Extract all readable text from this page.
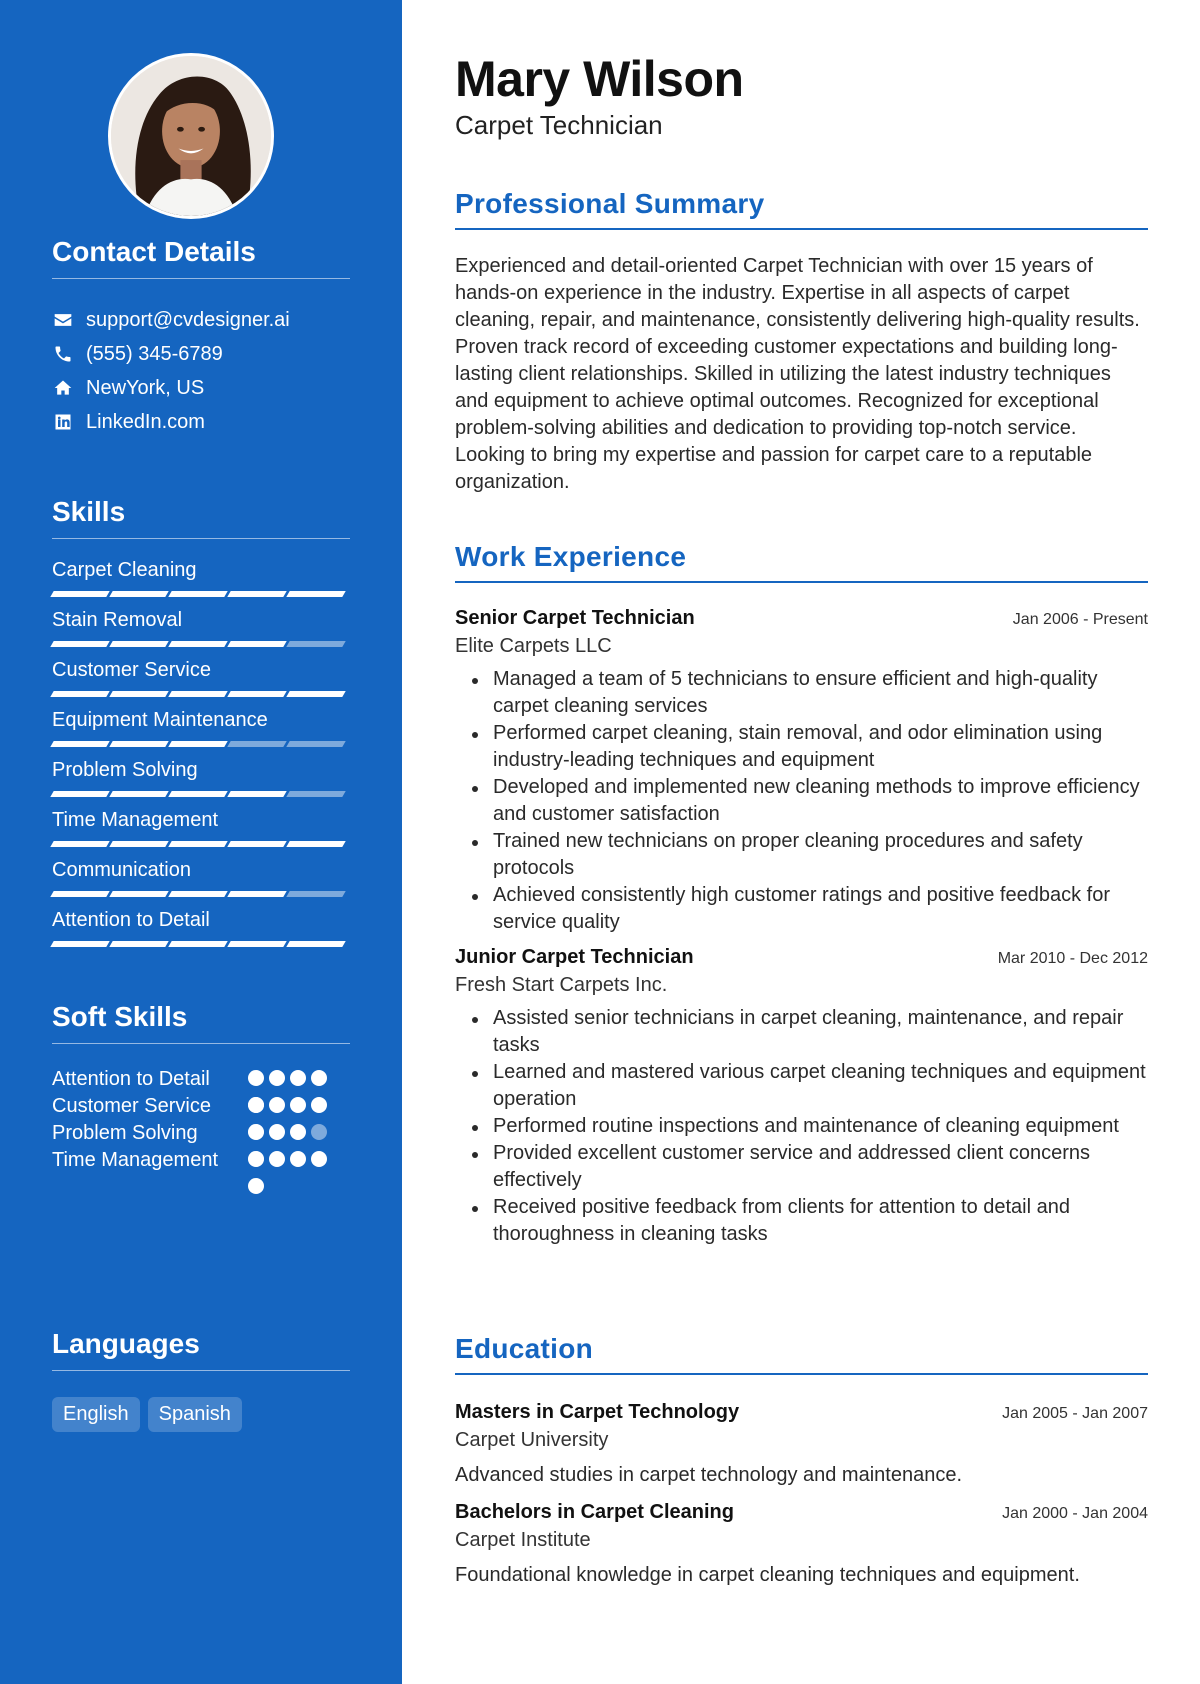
Contact Details
support@cvdesigner.ai
(555) 345-6789
NewYork, US
LinkedIn.com
Skills
Carpet Cleaning
Stain Removal
Customer Service
Equipment Maintenance
Problem Solving
Time Management
Communication
Attention to Detail
Soft Skills
Attention to Detail
Customer Service
Problem Solving
Time Management
Languages
English	Spanish
Mary Wilson
Carpet Technician
Professional Summary

Experienced and detail-oriented Carpet Technician with over 15 years of hands-on experience in the industry. Expertise in all aspects of carpet cleaning, repair, and maintenance, consistently delivering high-quality results. Proven track record of exceeding customer expectations and building long-lasting client relationships. Skilled in utilizing the latest industry techniques and equipment to achieve optimal outcomes. Recognized for exceptional problem-solving abilities and dedication to providing top-notch service. Looking to bring my expertise and passion for carpet care to a reputable organization.

Work Experience
Senior Carpet Technician	Jan 2006 - Present
Elite Carpets LLC
Managed a team of 5 technicians to ensure efficient and high-quality carpet cleaning services
Performed carpet cleaning, stain removal, and odor elimination using industry-leading techniques and equipment
Developed and implemented new cleaning methods to improve efficiency and customer satisfaction
Trained new technicians on proper cleaning procedures and safety protocols
Achieved consistently high customer ratings and positive feedback for service quality
Junior Carpet Technician	Mar 2010 - Dec 2012
Fresh Start Carpets Inc.
Assisted senior technicians in carpet cleaning, maintenance, and repair tasks
Learned and mastered various carpet cleaning techniques and equipment operation
Performed routine inspections and maintenance of cleaning equipment
Provided excellent customer service and addressed client concerns effectively
Received positive feedback from clients for attention to detail and thoroughness in cleaning tasks
Education
Masters in Carpet Technology	Jan 2005 - Jan 2007
Carpet University
Advanced studies in carpet technology and maintenance.
Bachelors in Carpet Cleaning	Jan 2000 - Jan 2004
Carpet Institute
Foundational knowledge in carpet cleaning techniques and equipment.
